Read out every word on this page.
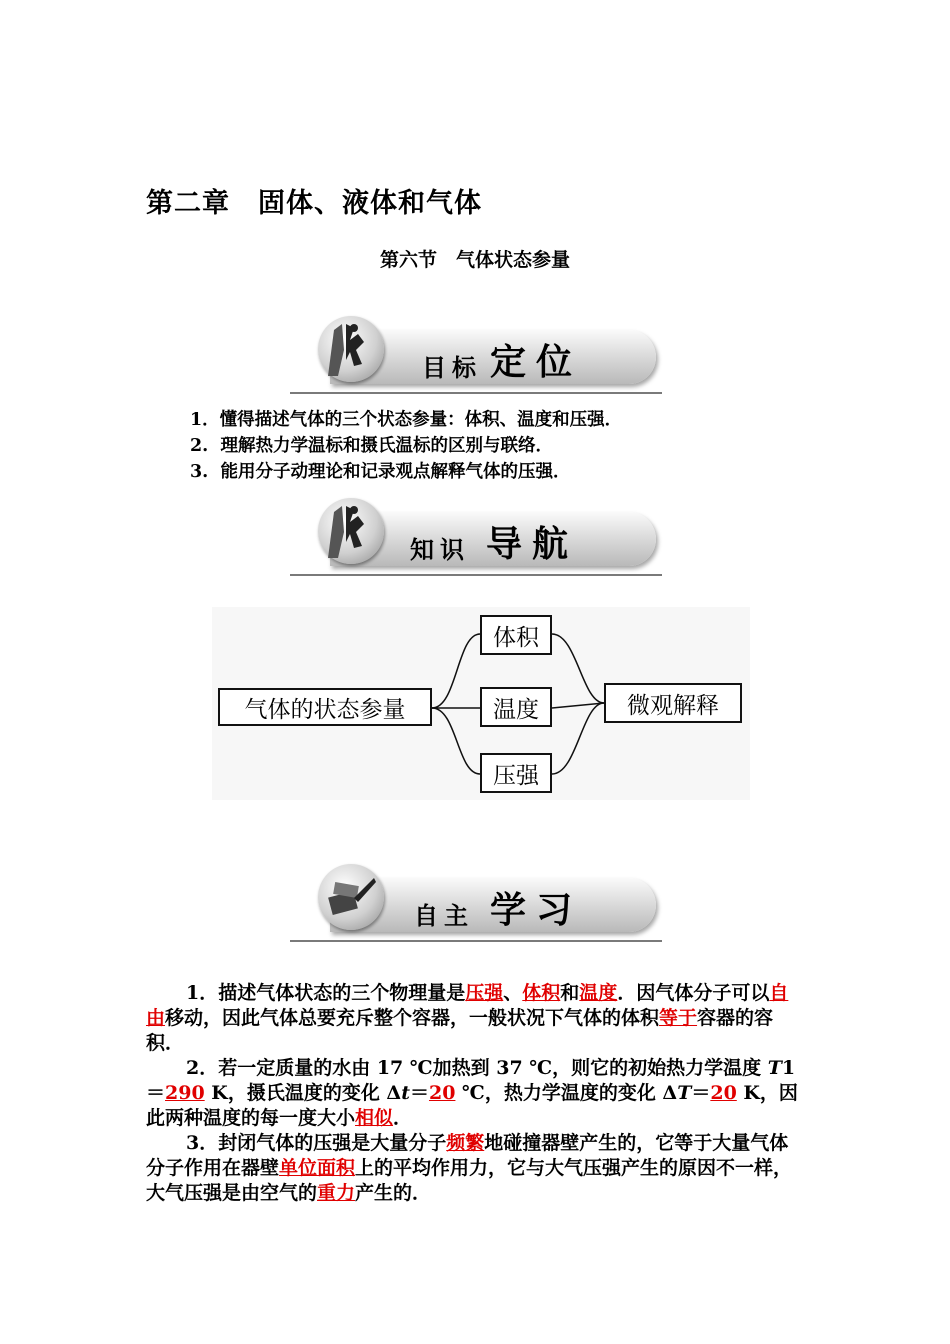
第二章　固体、液体和气体
第六节　气体状态参量
目标 定位
1．懂得描述气体的三个状态参量：体积、温度和压强．
2.  理解热力学温标和摄氏温标的区别与联络．
3.  能用分子动理论和记录观点解释气体的压强．
知识 导航
气体的状态参量
体积
温度
压强
微观解释
自主 学习
1．描述气体状态的三个物理量是压强、体积和温度．因气体分子可以自由移动，因此气体总要充斥整个容器，一般状况下气体的体积等于容器的容积．
2．若一定质量的水由 17 ℃加热到 37 ℃，则它的初始热力学温度 T1＝290 K，摄氏温度的变化 Δt＝20 ℃，热力学温度的变化 ΔT＝20 K，因此两种温度的每一度大小相似．
3．封闭气体的压强是大量分子频繁地碰撞器壁产生的，它等于大量气体分子作用在器壁单位面积上的平均作用力，它与大气压强产生的原因不一样，大气压强是由空气的重力产生的．
